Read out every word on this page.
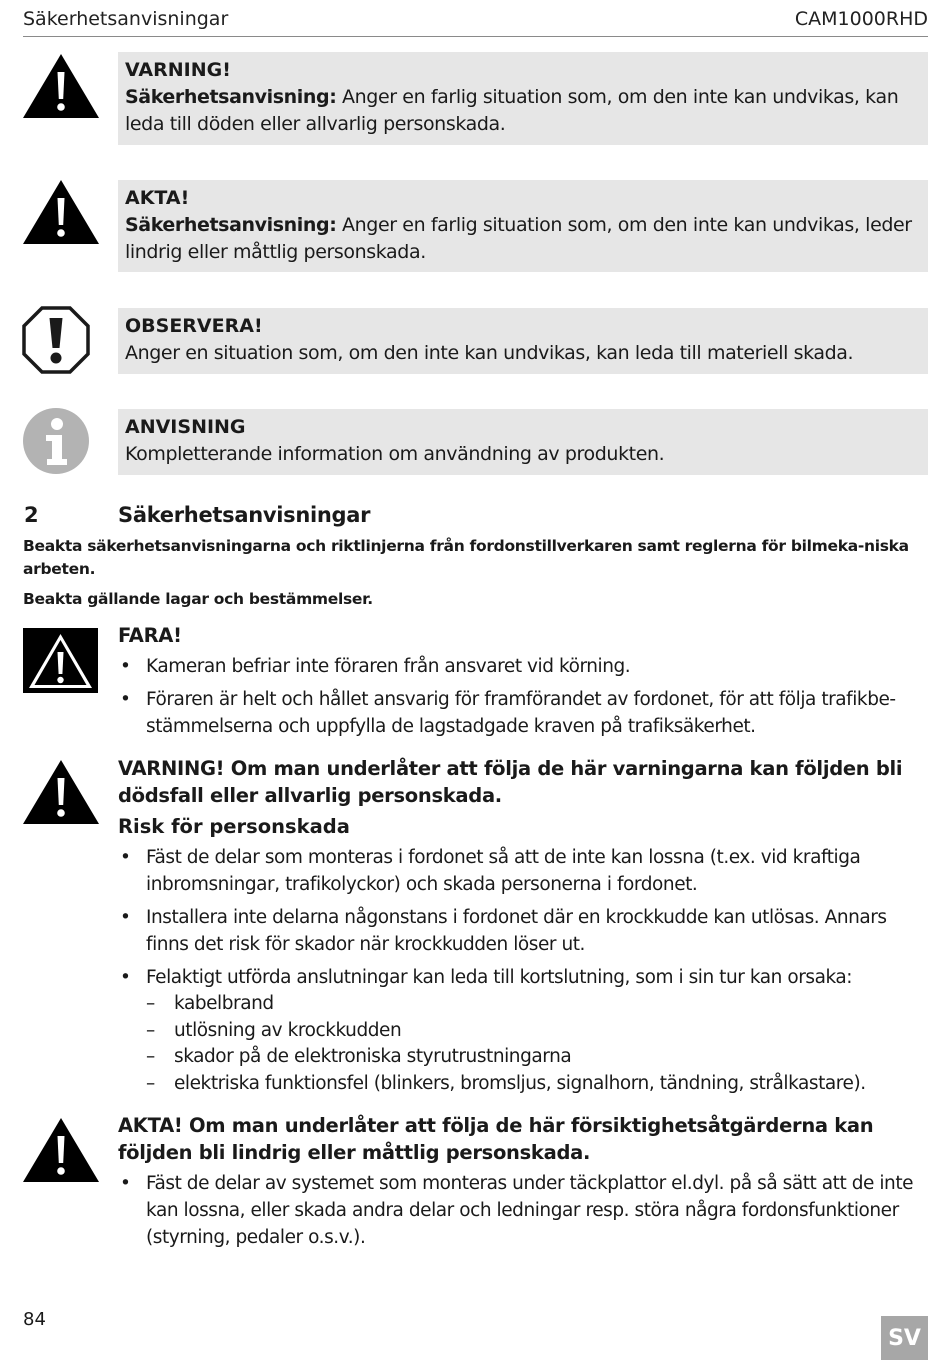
Säkerhetsanvisningar	CAM1000RHD
VARNING!
Säkerhetsanvisning: Anger en farlig situation som, om den inte kan undvikas, kan leda till döden eller allvarlig personskada.
AKTA!
Säkerhetsanvisning: Anger en farlig situation som, om den inte kan undvikas, leder lindrig eller måttlig personskada.
OBSERVERA!
Anger en situation som, om den inte kan undvikas, kan leda till materiell skada.
ANVISNING
Kompletterande information om användning av produkten.
2	Säkerhetsanvisningar
Beakta säkerhetsanvisningarna och riktlinjerna från fordonstillverkaren samt reglerna för bilmeka-niska arbeten.
Beakta gällande lagar och bestämmelser.
FARA!
• Kameran befriar inte föraren från ansvaret vid körning.
• Föraren är helt och hållet ansvarig för framförandet av fordonet, för att följa trafikbe-stämmelserna och uppfylla de lagstadgade kraven på trafiksäkerhet.
VARNING! Om man underlåter att följa de här varningarna kan följden bli dödsfall eller allvarlig personskada.
Risk för personskada
• Fäst de delar som monteras i fordonet så att de inte kan lossna (t.ex. vid kraftiga inbromsningar, trafikolyckor) och skada personerna i fordonet.
• Installera inte delarna någonstans i fordonet där en krockkudde kan utlösas. Annars finns det risk för skador när krockkudden löser ut.
• Felaktigt utförda anslutningar kan leda till kortslutning, som i sin tur kan orsaka:
– kabelbrand
– utlösning av krockkudden
– skador på de elektroniska styrutrustningarna
– elektriska funktionsfel (blinkers, bromsljus, signalhorn, tändning, strålkastare).
AKTA! Om man underlåter att följa de här försiktighetsåtgärderna kan följden bli lindrig eller måttlig personskada.
• Fäst de delar av systemet som monteras under täckplattor el.dyl. på så sätt att de inte kan lossna, eller skada andra delar och ledningar resp. störa några fordonsfunktioner (styrning, pedaler o.s.v.).
84
SV
